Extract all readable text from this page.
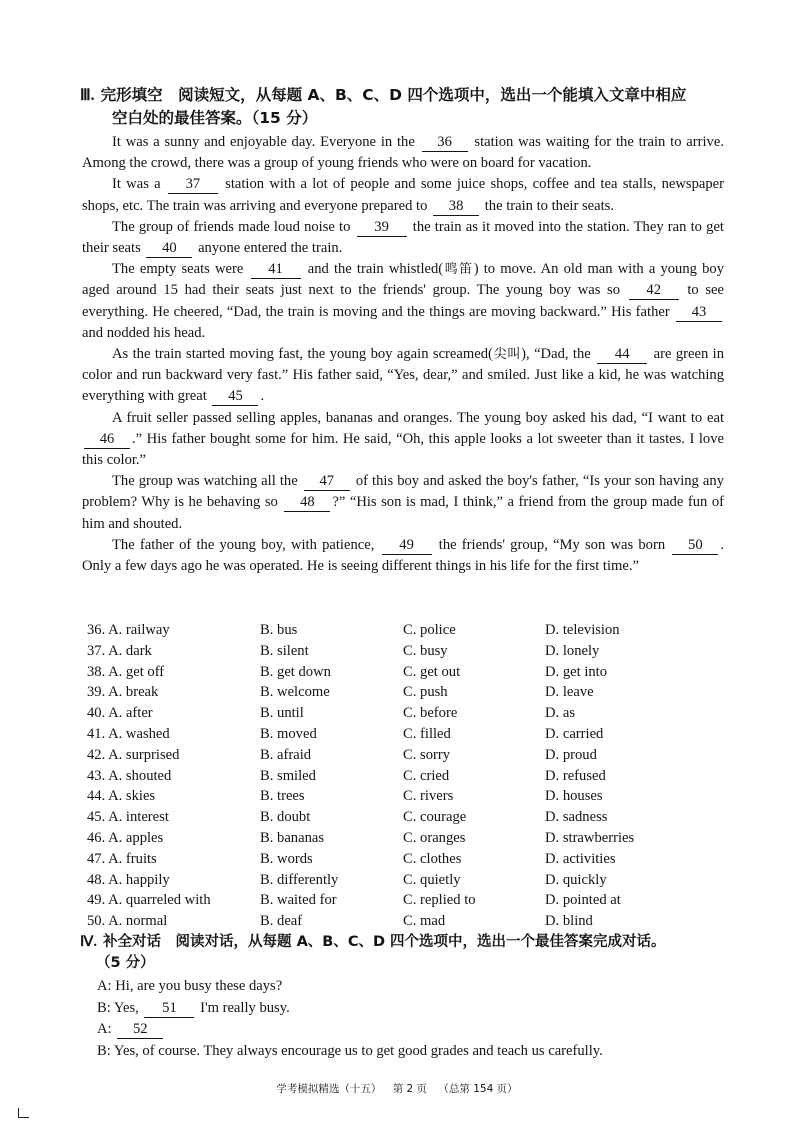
Ⅲ. 完形填空　阅读短文，从每题 A、B、C、D 四个选项中，选出一个能填入文章中相应
空白处的最佳答案。（15 分）

It was a sunny and enjoyable day. Everyone in the 36 station was waiting for the train to arrive. Among the crowd, there was a group of young friends who were on board for vacation.

It was a 37 station with a lot of people and some juice shops, coffee and tea stalls, newspaper shops, etc. The train was arriving and everyone prepared to 38 the train to their seats.

The group of friends made loud noise to 39 the train as it moved into the station. They ran to get their seats 40 anyone entered the train.

The empty seats were 41 and the train whistled(鸣笛) to move. An old man with a young boy aged around 15 had their seats just next to the friends' group. The young boy was so 42 to see everything. He cheered, “Dad, the train is moving and the things are moving backward.” His father 43 and nodded his head.

As the train started moving fast, the young boy again screamed(尖叫), “Dad, the 44 are green in color and run backward very fast.” His father said, “Yes, dear,” and smiled. Just like a kid, he was watching everything with great 45 .

A fruit seller passed selling apples, bananas and oranges. The young boy asked his dad, “I want to eat 46 .” His father bought some for him. He said, “Oh, this apple looks a lot sweeter than it tastes. I love this color.”

The group was watching all the 47 of this boy and asked the boy's father, “Is your son having any problem? Why is he behaving so 48 ?” “His son is mad, I think,” a friend from the group made fun of him and shouted.

The father of the young boy, with patience, 49 the friends' group, “My son was born 50 . Only a few days ago he was operated. He is seeing different things in his life for the first time.”

36. A. railway	B. bus	C. police	D. television
37. A. dark	B. silent	C. busy	D. lonely
38. A. get off	B. get down	C. get out	D. get into
39. A. break	B. welcome	C. push	D. leave
40. A. after	B. until	C. before	D. as
41. A. washed	B. moved	C. filled	D. carried
42. A. surprised	B. afraid	C. sorry	D. proud
43. A. shouted	B. smiled	C. cried	D. refused
44. A. skies	B. trees	C. rivers	D. houses
45. A. interest	B. doubt	C. courage	D. sadness
46. A. apples	B. bananas	C. oranges	D. strawberries
47. A. fruits	B. words	C. clothes	D. activities
48. A. happily	B. differently	C. quietly	D. quickly
49. A. quarreled with	B. waited for	C. replied to	D. pointed at
50. A. normal	B. deaf	C. mad	D. blind
Ⅳ. 补全对话　阅读对话，从每题 A、B、C、D 四个选项中，选出一个最佳答案完成对话。
（5 分）
A: Hi, are you busy these days?
B: Yes, 51 I'm really busy.
A: 52
B: Yes, of course. They always encourage us to get good grades and teach us carefully.
学考模拟精选（十五） 第 2 页 （总第 154 页）
